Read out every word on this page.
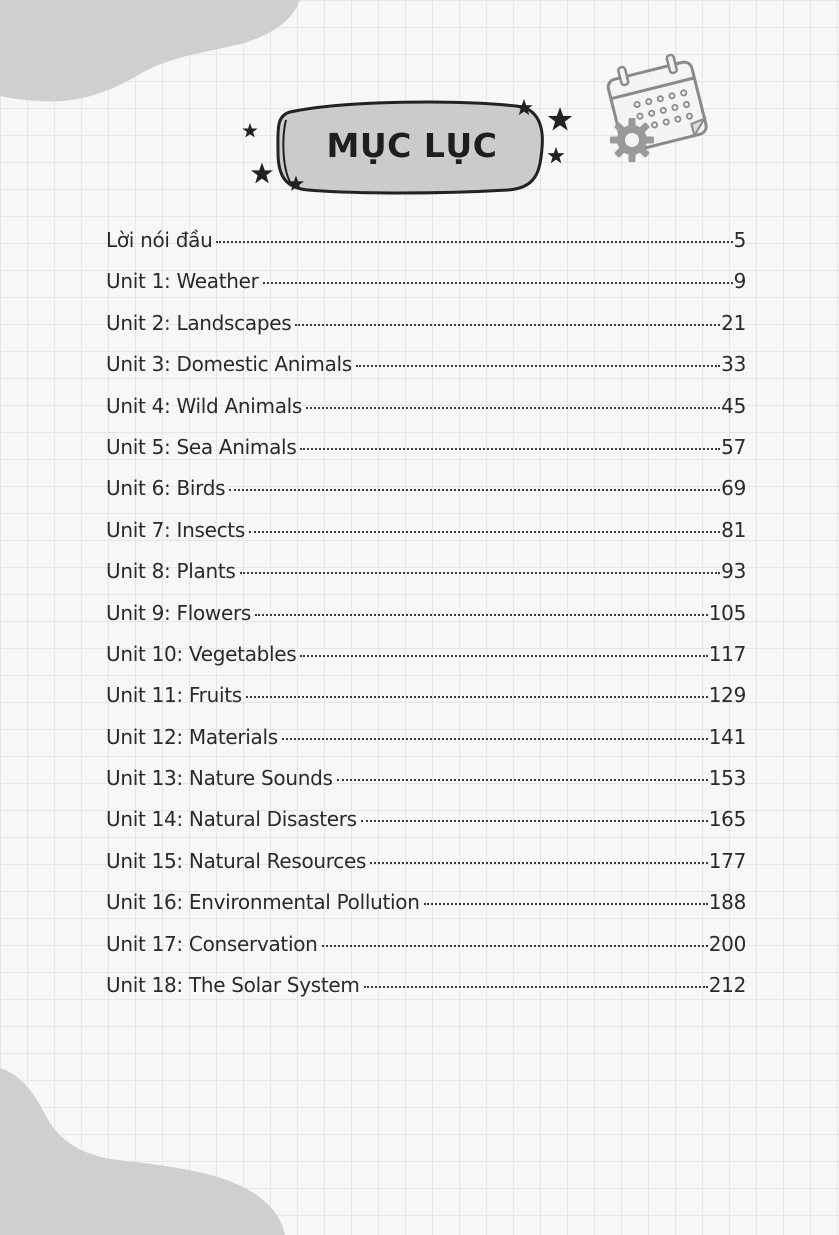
MỤC LỤC
Lời nói đầu	5
Unit 1: Weather	9
Unit 2: Landscapes	21
Unit 3: Domestic Animals	33
Unit 4: Wild Animals	45
Unit 5: Sea Animals	57
Unit 6: Birds	69
Unit 7: Insects	81
Unit 8: Plants	93
Unit 9: Flowers	105
Unit 10: Vegetables	117
Unit 11: Fruits	129
Unit 12: Materials	141
Unit 13: Nature Sounds	153
Unit 14: Natural Disasters	165
Unit 15: Natural Resources	177
Unit 16: Environmental Pollution	188
Unit 17: Conservation	200
Unit 18: The Solar System	212
